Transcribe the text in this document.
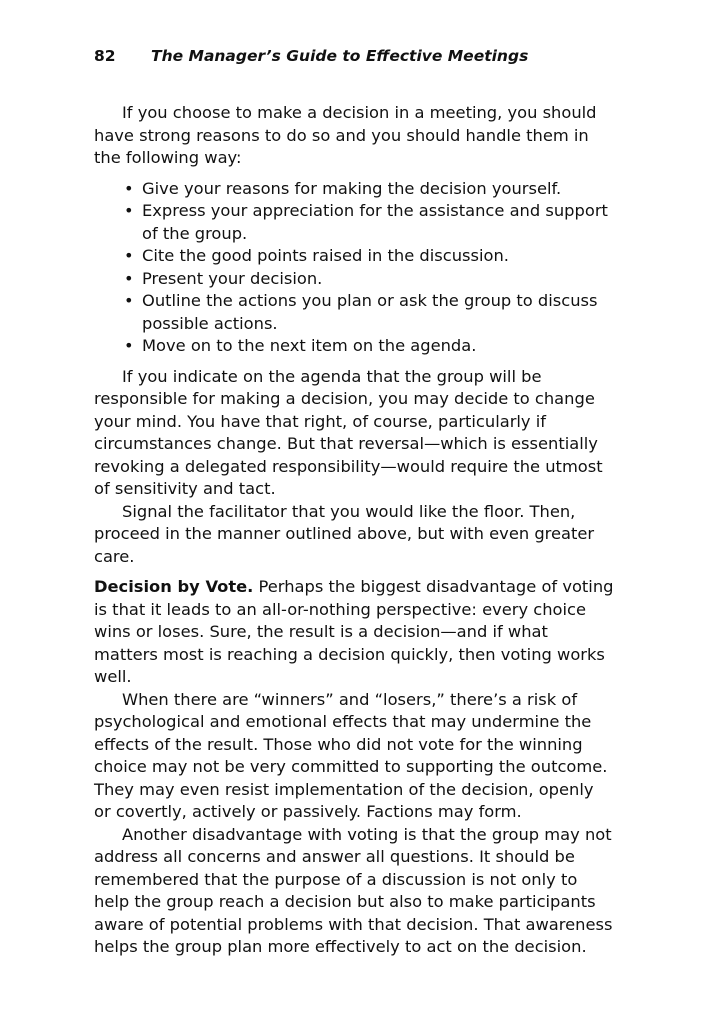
82	The Manager’s Guide to Effective Meetings

If you choose to make a decision in a meeting, you should have strong reasons to do so and you should handle them in the following way:

• Give your reasons for making the decision yourself.
• Express your appreciation for the assistance and support of the group.
• Cite the good points raised in the discussion.
• Present your decision.
• Outline the actions you plan or ask the group to discuss possible actions.
• Move on to the next item on the agenda.

If you indicate on the agenda that the group will be responsible for making a decision, you may decide to change your mind. You have that right, of course, particularly if circumstances change. But that reversal—which is essentially revoking a delegated responsibility—would require the utmost of sensitivity and tact.

Signal the facilitator that you would like the floor. Then, proceed in the manner outlined above, but with even greater care.

Decision by Vote. Perhaps the biggest disadvantage of voting is that it leads to an all-or-nothing perspective: every choice wins or loses. Sure, the result is a decision—and if what matters most is reaching a decision quickly, then voting works well.

When there are “winners” and “losers,” there’s a risk of psychological and emotional effects that may undermine the effects of the result. Those who did not vote for the winning choice may not be very committed to supporting the outcome. They may even resist implementation of the decision, openly or covertly, actively or passively. Factions may form.

Another disadvantage with voting is that the group may not address all concerns and answer all questions. It should be remembered that the purpose of a discussion is not only to help the group reach a decision but also to make participants aware of potential problems with that decision. That awareness helps the group plan more effectively to act on the decision.
